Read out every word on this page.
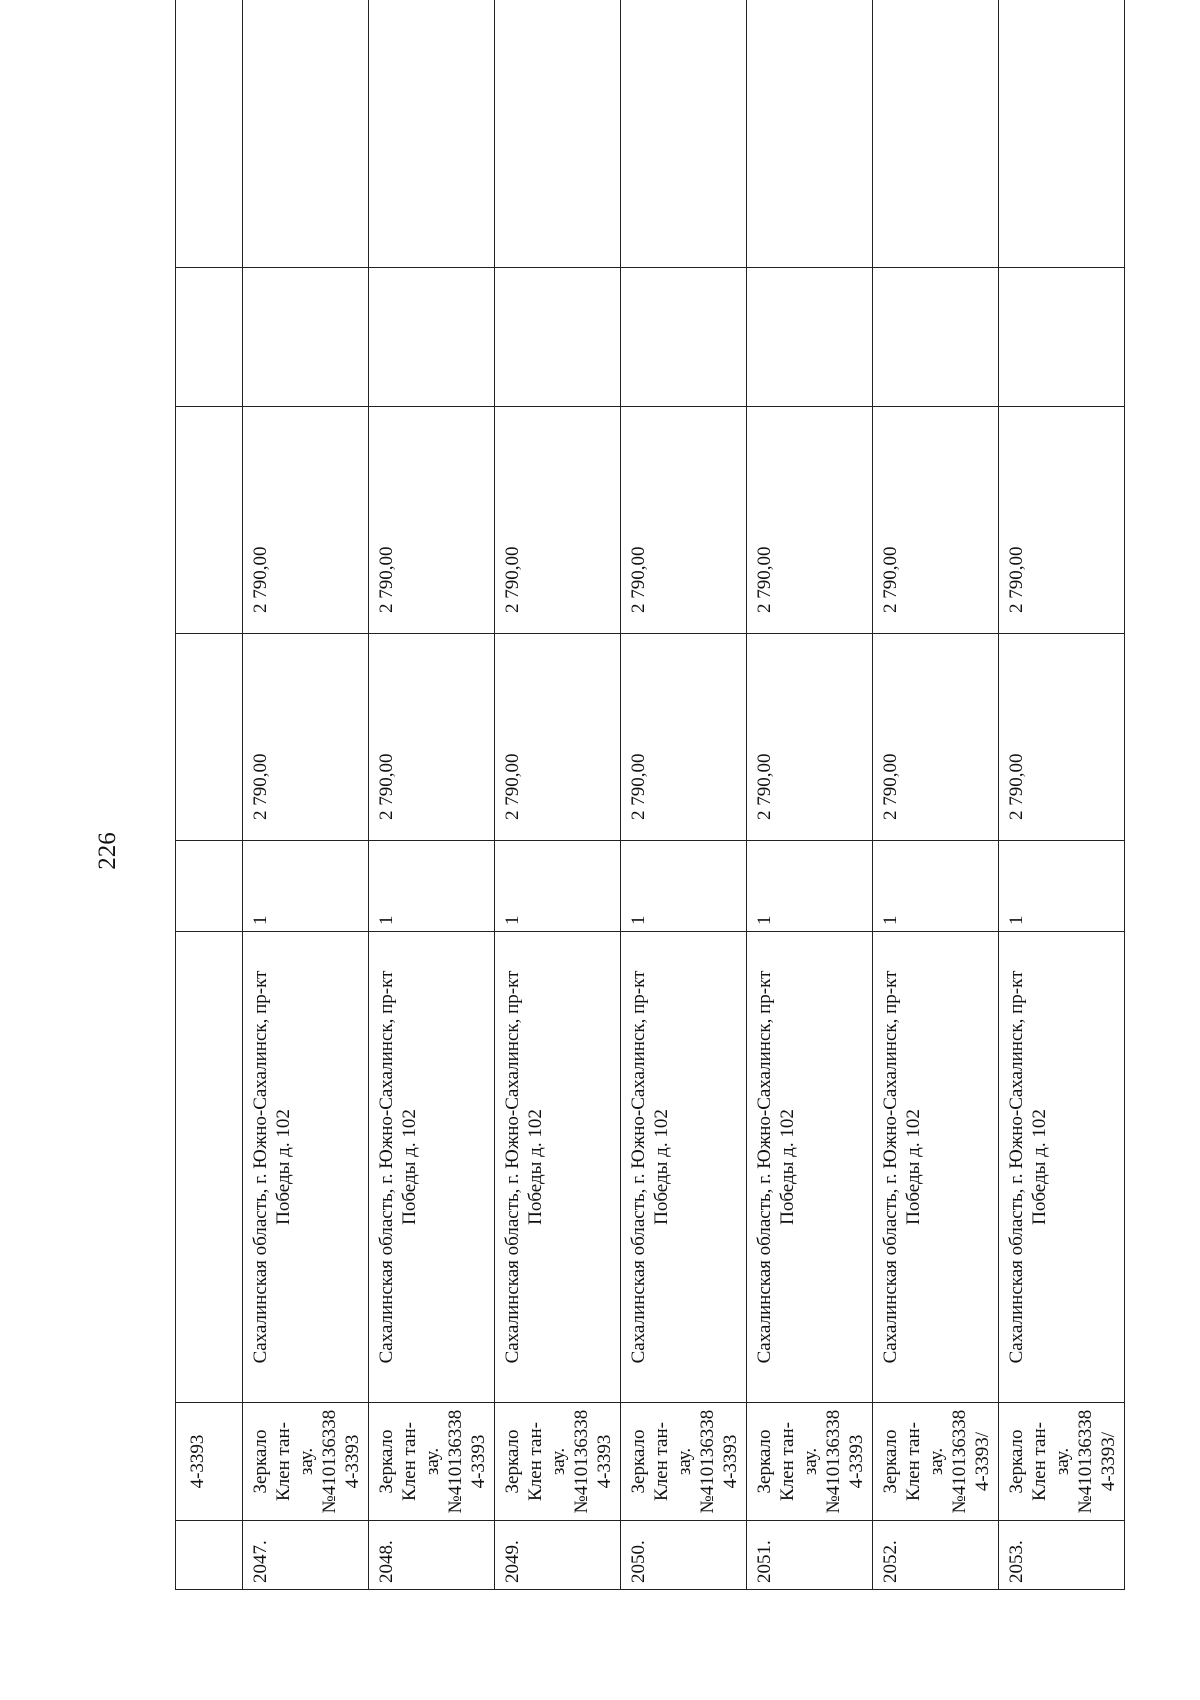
226
	4-3393						
2047.	Зеркало Клен тан-зау.№410136338 4-3393	Сахалинская область, г. Южно-Сахалинск, пр-кт Победы д. 102	1	2 790,00	2 790,00		
2048.	Зеркало Клен тан-зау.№410136338 4-3393	Сахалинская область, г. Южно-Сахалинск, пр-кт Победы д. 102	1	2 790,00	2 790,00		
2049.	Зеркало Клен тан-зау.№410136338 4-3393	Сахалинская область, г. Южно-Сахалинск, пр-кт Победы д. 102	1	2 790,00	2 790,00		
2050.	Зеркало Клен тан-зау.№410136338 4-3393	Сахалинская область, г. Южно-Сахалинск, пр-кт Победы д. 102	1	2 790,00	2 790,00		
2051.	Зеркало Клен тан-зау.№410136338 4-3393	Сахалинская область, г. Южно-Сахалинск, пр-кт Победы д. 102	1	2 790,00	2 790,00		
2052.	Зеркало Клен тан-зау.№410136338 4-3393/	Сахалинская область, г. Южно-Сахалинск, пр-кт Победы д. 102	1	2 790,00	2 790,00		
2053.	Зеркало Клен тан-зау.№410136338 4-3393/	Сахалинская область, г. Южно-Сахалинск, пр-кт Победы д. 102	1	2 790,00	2 790,00		
